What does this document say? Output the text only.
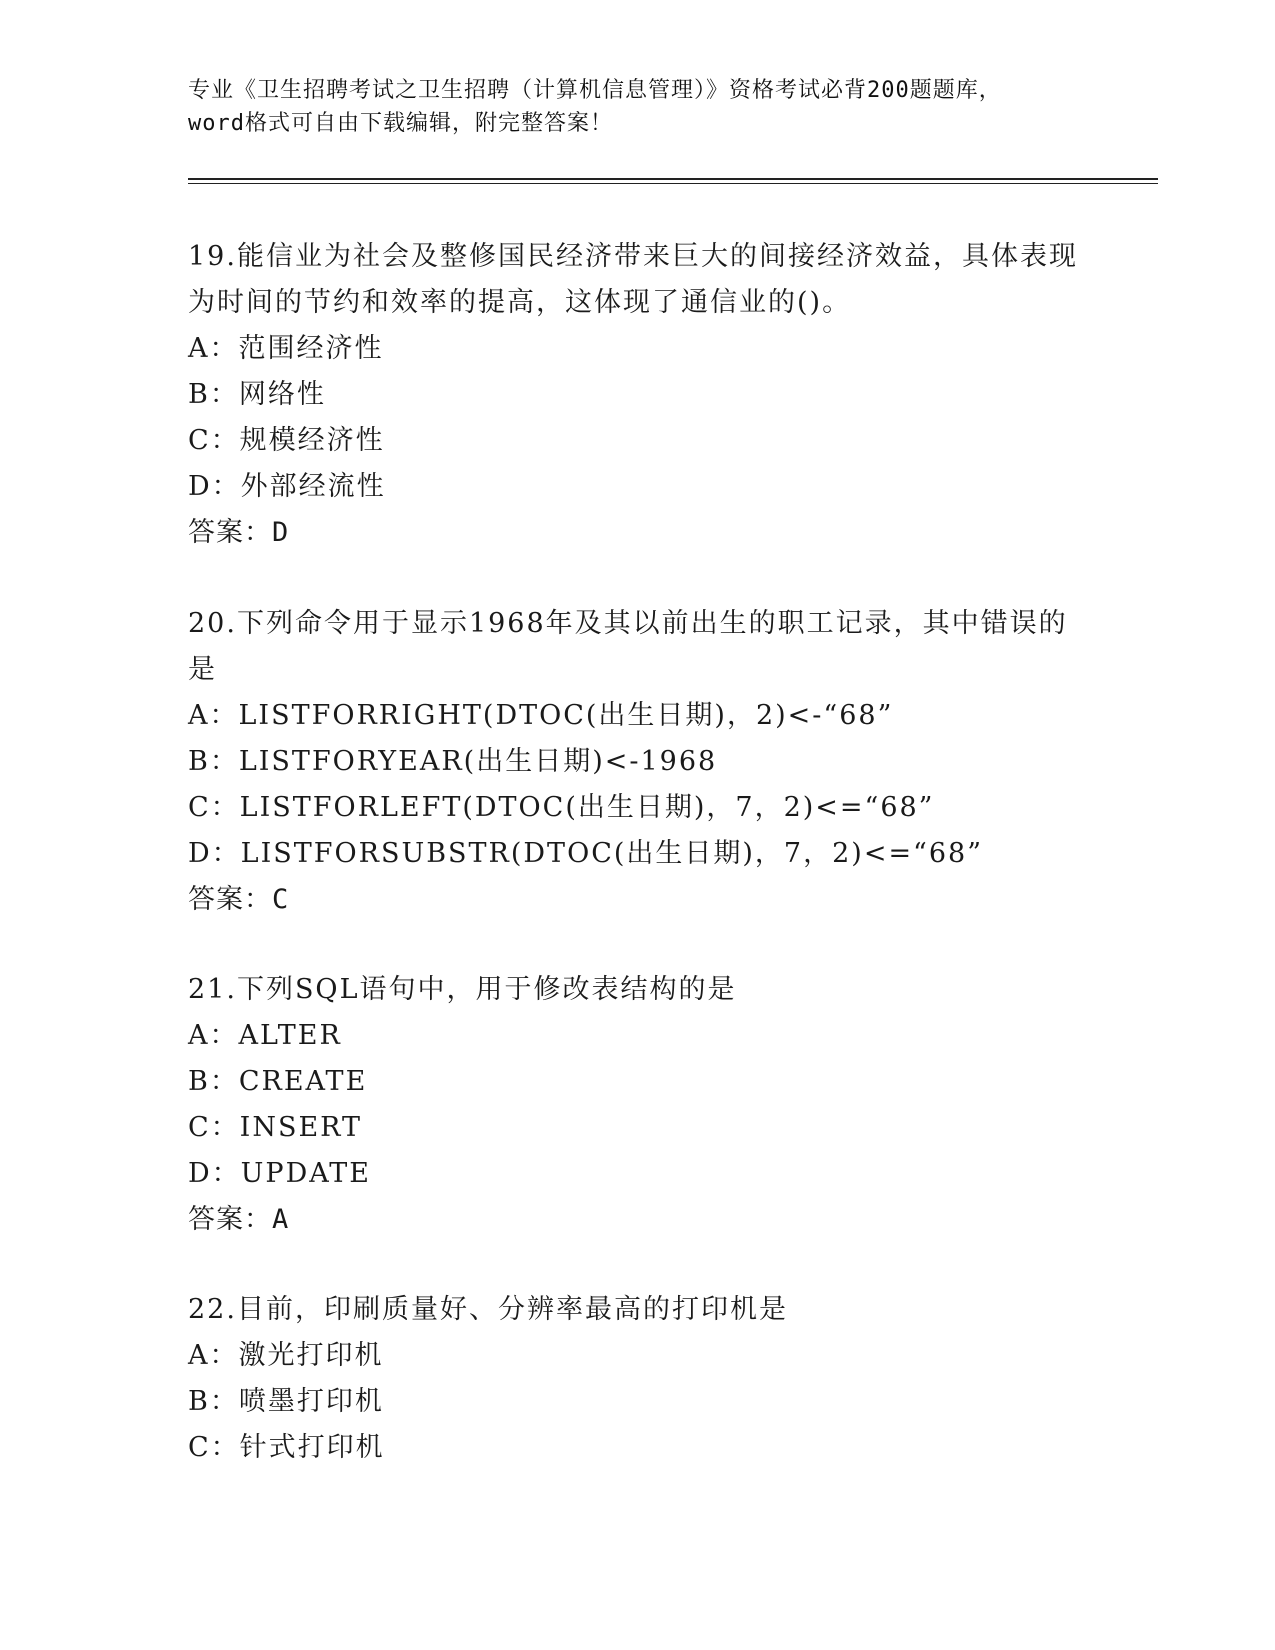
专业《卫生招聘考试之卫生招聘（计算机信息管理）》资格考试必背200题题库，
word格式可自由下载编辑，附完整答案！

19.能信业为社会及整修国民经济带来巨大的间接经济效益，具体表现
为时间的节约和效率的提高，这体现了通信业的()。

A：范围经济性
B：网络性
C：规模经济性
D：外部经流性
答案：D

20.下列命令用于显示1968年及其以前出生的职工记录，其中错误的
是

A：LISTFORRIGHT(DTOC(出生日期)，2)<-“68”
B：LISTFORYEAR(出生日期)<-1968
C：LISTFORLEFT(DTOC(出生日期)，7，2)<=“68”
D：LISTFORSUBSTR(DTOC(出生日期)，7，2)<=“68”
答案：C

21.下列SQL语句中，用于修改表结构的是

A：ALTER
B：CREATE
C：INSERT
D：UPDATE
答案：A

22.目前，印刷质量好、分辨率最高的打印机是

A：激光打印机
B：喷墨打印机
C：针式打印机
